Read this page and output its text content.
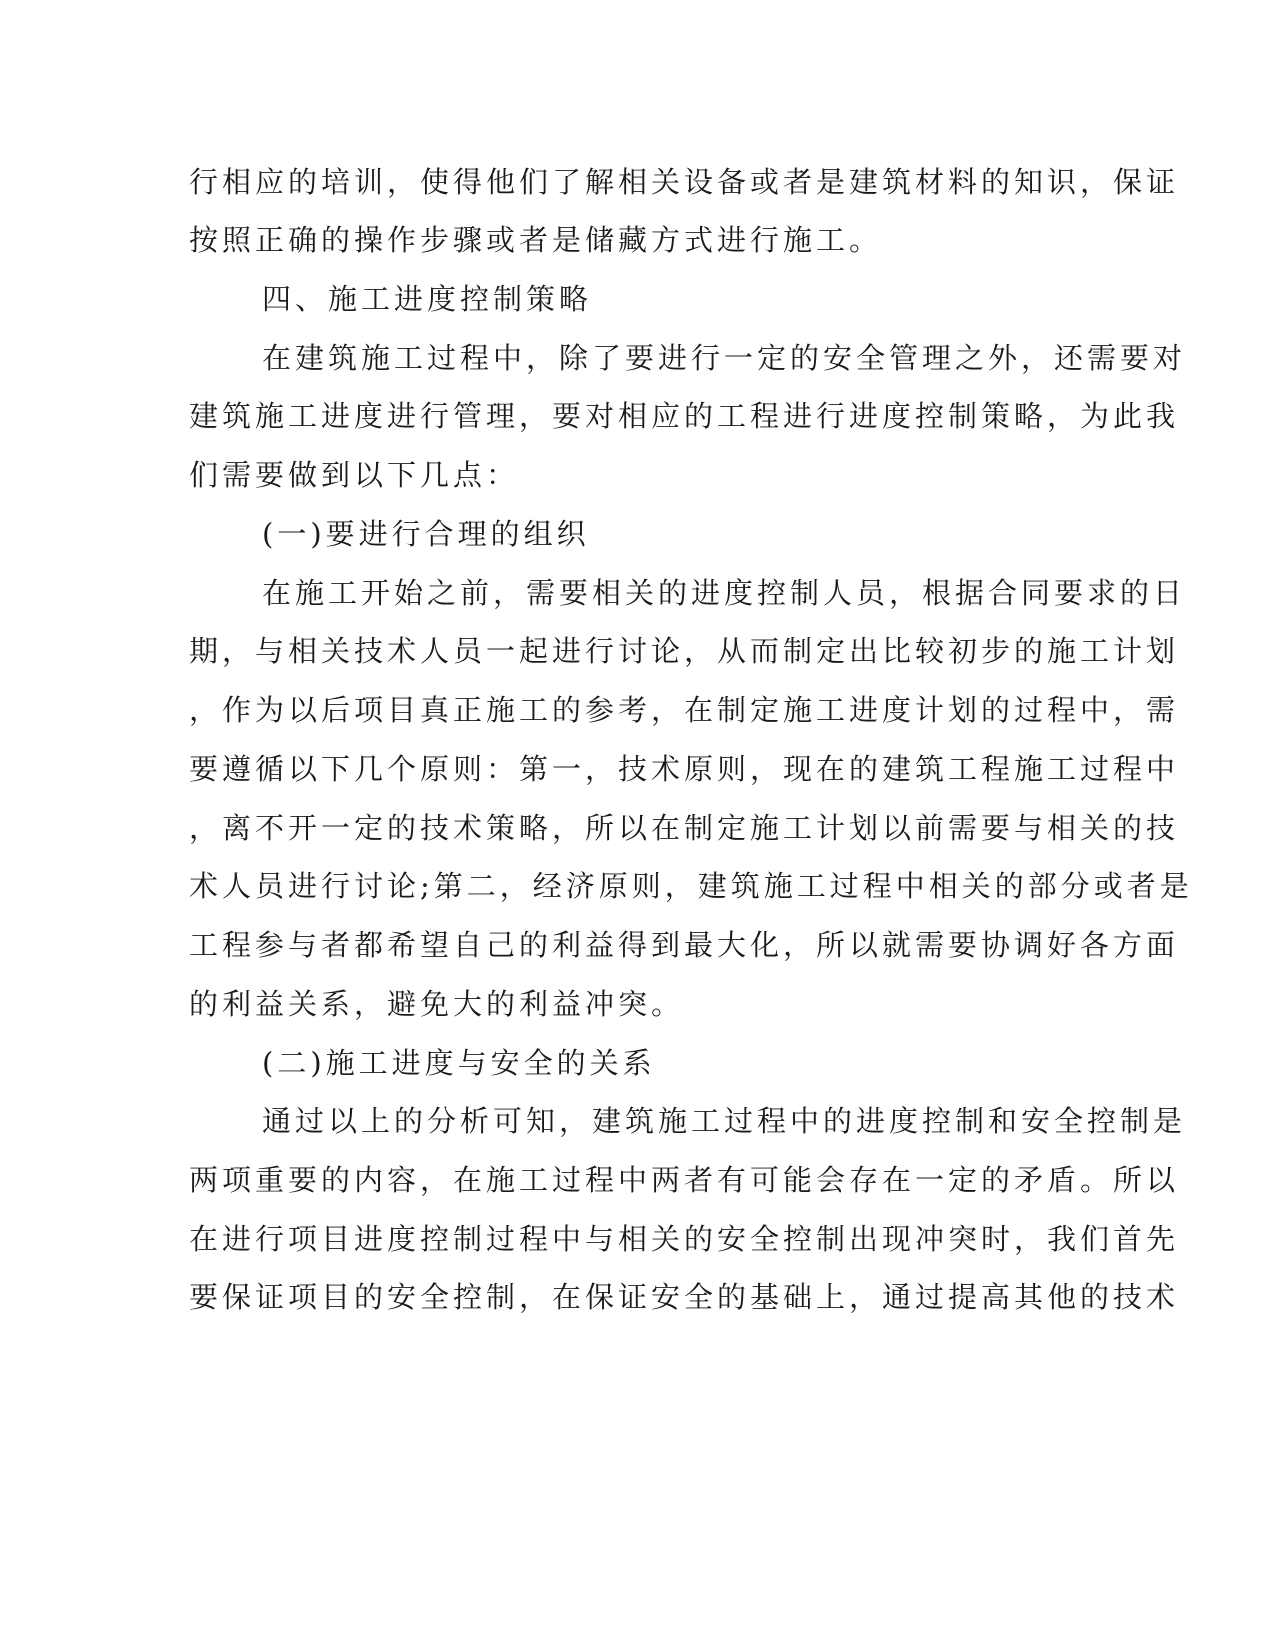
行相应的培训，使得他们了解相关设备或者是建筑材料的知识，保证
按照正确的操作步骤或者是储藏方式进行施工。
四、施工进度控制策略
在建筑施工过程中，除了要进行一定的安全管理之外，还需要对
建筑施工进度进行管理，要对相应的工程进行进度控制策略，为此我
们需要做到以下几点：
(一)要进行合理的组织
在施工开始之前，需要相关的进度控制人员，根据合同要求的日
期，与相关技术人员一起进行讨论，从而制定出比较初步的施工计划
，作为以后项目真正施工的参考，在制定施工进度计划的过程中，需
要遵循以下几个原则：第一，技术原则，现在的建筑工程施工过程中
，离不开一定的技术策略，所以在制定施工计划以前需要与相关的技
术人员进行讨论;第二，经济原则，建筑施工过程中相关的部分或者是
工程参与者都希望自己的利益得到最大化，所以就需要协调好各方面
的利益关系，避免大的利益冲突。
(二)施工进度与安全的关系
通过以上的分析可知，建筑施工过程中的进度控制和安全控制是
两项重要的内容，在施工过程中两者有可能会存在一定的矛盾。所以
在进行项目进度控制过程中与相关的安全控制出现冲突时，我们首先
要保证项目的安全控制，在保证安全的基础上，通过提高其他的技术
